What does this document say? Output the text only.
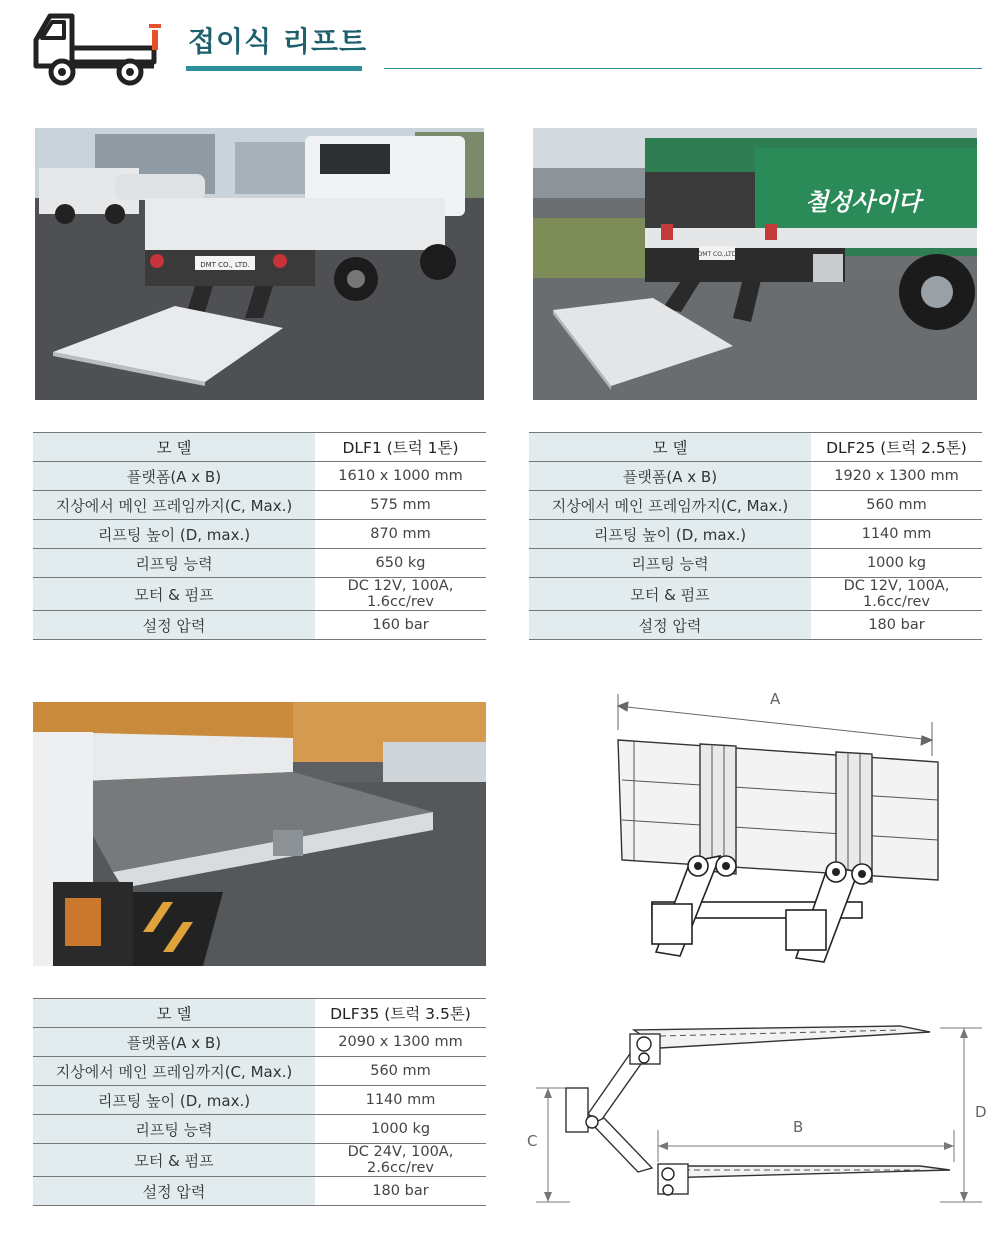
접이식 리프트
DMT CO., LTD.
철성사이다
DMT CO.,LTD
모 델	DLF1 (트럭 1톤)
플랫폼(A x B)	1610 x 1000 mm
지상에서 메인 프레임까지(C, Max.)	575 mm
리프팅 높이 (D, max.)	870 mm
리프팅 능력	650 kg
모터 & 펌프	DC 12V, 100A, 1.6cc/rev
설정 압력	160 bar
모 델	DLF25 (트럭 2.5톤)
플랫폼(A x B)	1920 x 1300 mm
지상에서 메인 프레임까지(C, Max.)	560 mm
리프팅 높이 (D, max.)	1140 mm
리프팅 능력	1000 kg
모터 & 펌프	DC 12V, 100A, 1.6cc/rev
설정 압력	180 bar
모 델	DLF35 (트럭 3.5톤)
플랫폼(A x B)	2090 x 1300 mm
지상에서 메인 프레임까지(C, Max.)	560 mm
리프팅 높이 (D, max.)	1140 mm
리프팅 능력	1000 kg
모터 & 펌프	DC 24V, 100A, 2.6cc/rev
설정 압력	180 bar
A
B
C
D
